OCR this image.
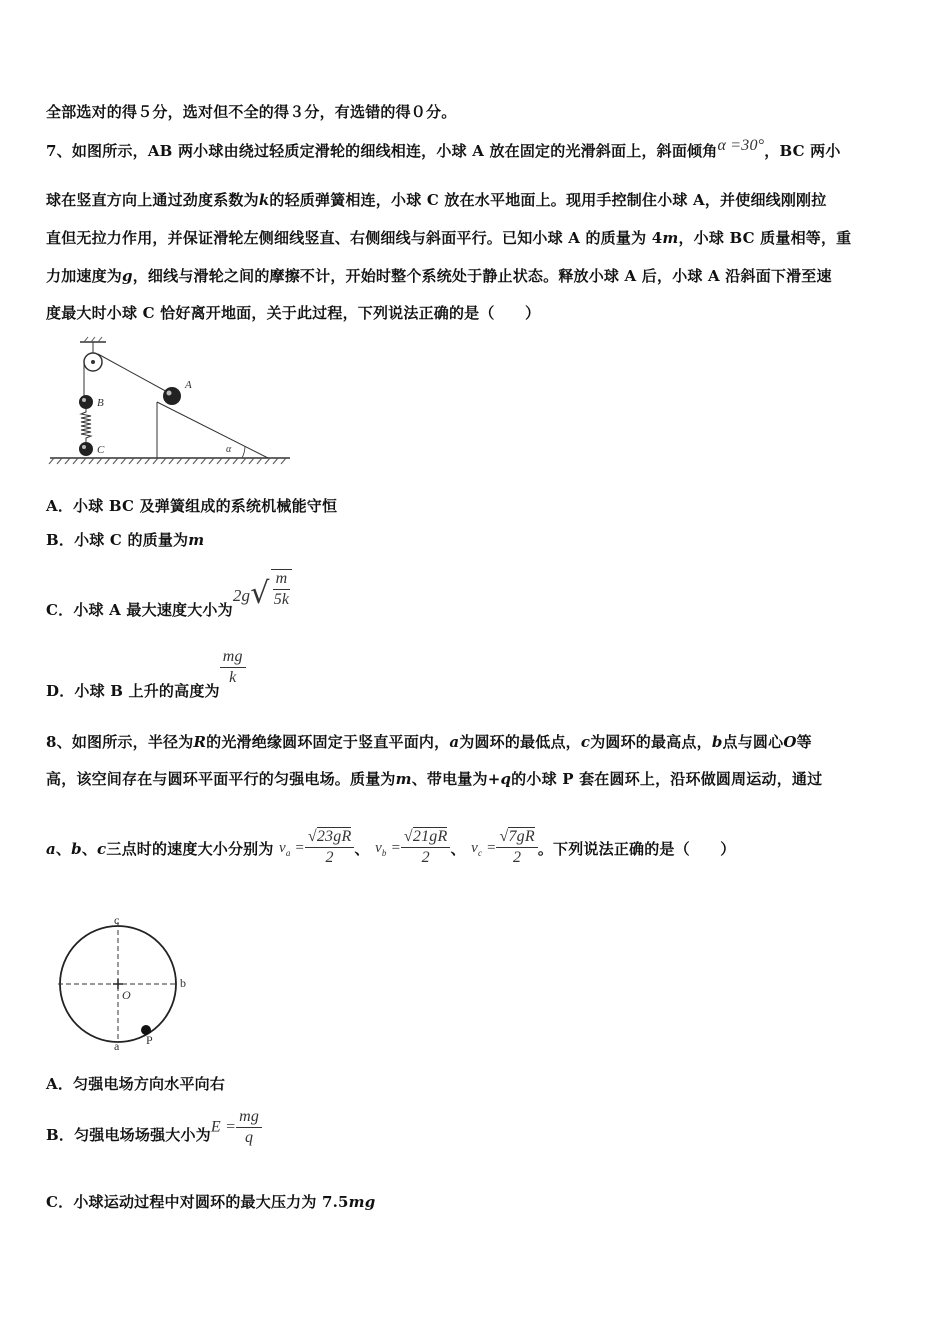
全部选对的得５分，选对但不全的得３分，有选错的得０分。
7、如图所示，AB 两小球由绕过轻质定滑轮的细线相连，小球 A 放在固定的光滑斜面上，斜面倾角α =30°，BC 两小
球在竖直方向上通过劲度系数为k的轻质弹簧相连，小球 C 放在水平地面上。现用手控制住小球 A，并使细线刚刚拉
直但无拉力作用，并保证滑轮左侧细线竖直、右侧细线与斜面平行。已知小球 A 的质量为 4m，小球 BC 质量相等，重
力加速度为g，细线与滑轮之间的摩擦不计，开始时整个系统处于静止状态。释放小球 A 后，小球 A 沿斜面下滑至速
度最大时小球 C 恰好离开地面，关于此过程，下列说法正确的是（　　）
α
A
B
C
A．小球 BC 及弹簧组成的系统机械能守恒
B．小球 C 的质量为m
C．小球 A 最大速度大小为$2g√ \frac{m}{5k}$
D．小球 B 上升的高度为
$\frac{mg}{k}$
8、如图所示，半径为R的光滑绝缘圆环固定于竖直平面内，a为圆环的最低点，c为圆环的最高点，b点与圆心O等
高，该空间存在与圆环平面平行的匀强电场。质量为m、带电量为+q的小球 P 套在圆环上，沿环做圆周运动，通过
a、b、c三点时的速度大小分别为 $v_a = \frac{√23gR}{2}$ 、 $v_b = \frac{√21gR}{2}$ 、 $v_c = \frac{√7gR}{2}$ 。下列说法正确的是（　　）
c
b
O
a P
A．匀强电场方向水平向右
B．匀强电场场强大小为$E = \frac{mg}{q}$
C．小球运动过程中对圆环的最大压力为 7.5mg
